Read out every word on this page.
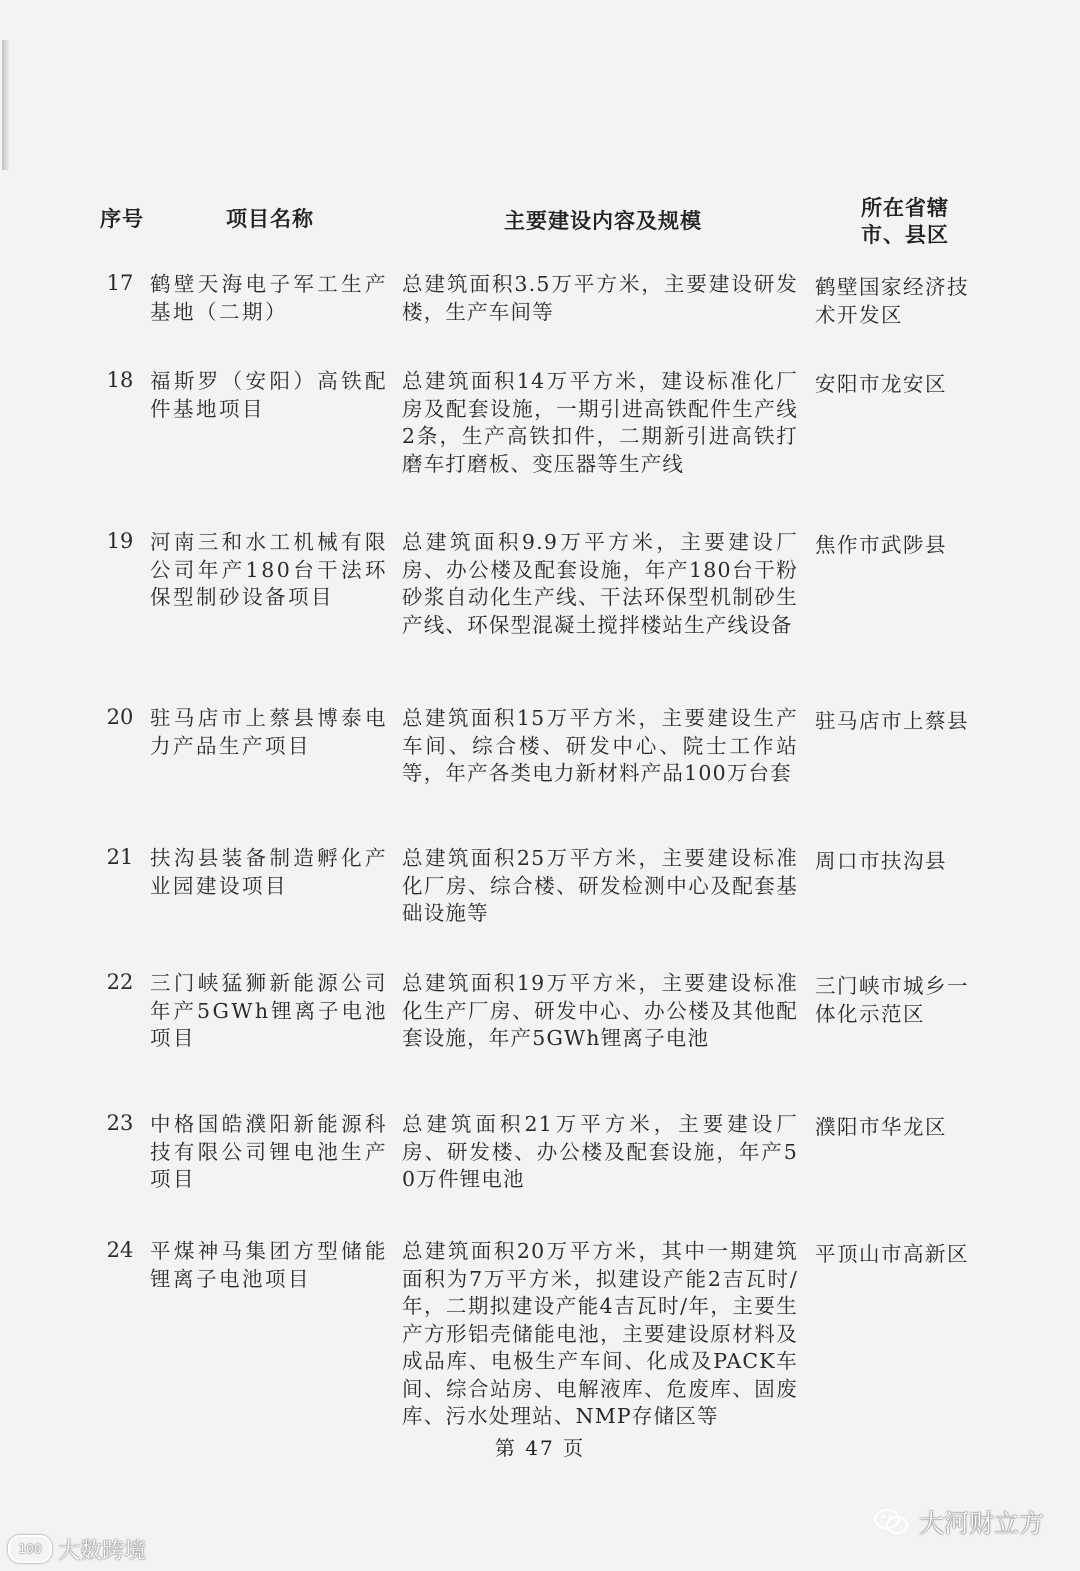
序号	项目名称	主要建设内容及规模
所在省辖市、县区
17 鹤壁天海电子军工生产基地（二期）
总建筑面积3.5万平方米，主要建设研发楼，生产车间等
鹤壁国家经济技术开发区
18 福斯罗（安阳）高铁配件基地项目
总建筑面积14万平方米，建设标准化厂房及配套设施，一期引进高铁配件生产线2条，生产高铁扣件，二期新引进高铁打磨车打磨板、变压器等生产线
安阳市龙安区
19 河南三和水工机械有限公司年产180台干法环保型制砂设备项目
总建筑面积9.9万平方米，主要建设厂房、办公楼及配套设施，年产180台干粉砂浆自动化生产线、干法环保型机制砂生产线、环保型混凝土搅拌楼站生产线设备
焦作市武陟县
20 驻马店市上蔡县博泰电力产品生产项目
总建筑面积15万平方米，主要建设生产车间、综合楼、研发中心、院士工作站等，年产各类电力新材料产品100万台套
驻马店市上蔡县
21 扶沟县装备制造孵化产业园建设项目
总建筑面积25万平方米，主要建设标准化厂房、综合楼、研发检测中心及配套基础设施等
周口市扶沟县
22 三门峡猛狮新能源公司年产5GWh锂离子电池项目
总建筑面积19万平方米，主要建设标准化生产厂房、研发中心、办公楼及其他配套设施，年产5GWh锂离子电池
三门峡市城乡一体化示范区
23 中格国皓濮阳新能源科技有限公司锂电池生产项目
总建筑面积21万平方米，主要建设厂房、研发楼、办公楼及配套设施，年产50万件锂电池
濮阳市华龙区
24 平煤神马集团方型储能锂离子电池项目
总建筑面积20万平方米，其中一期建筑面积为7万平方米，拟建设产能2吉瓦时/年，二期拟建设产能4吉瓦时/年，主要生产方形铝壳储能电池，主要建设原材料及成品库、电极生产车间、化成及PACK车间、综合站房、电解液库、危废库、固废库、污水处理站、NMP存储区等
平顶山市高新区
第 47 页
100 大数跨境
大河财立方
